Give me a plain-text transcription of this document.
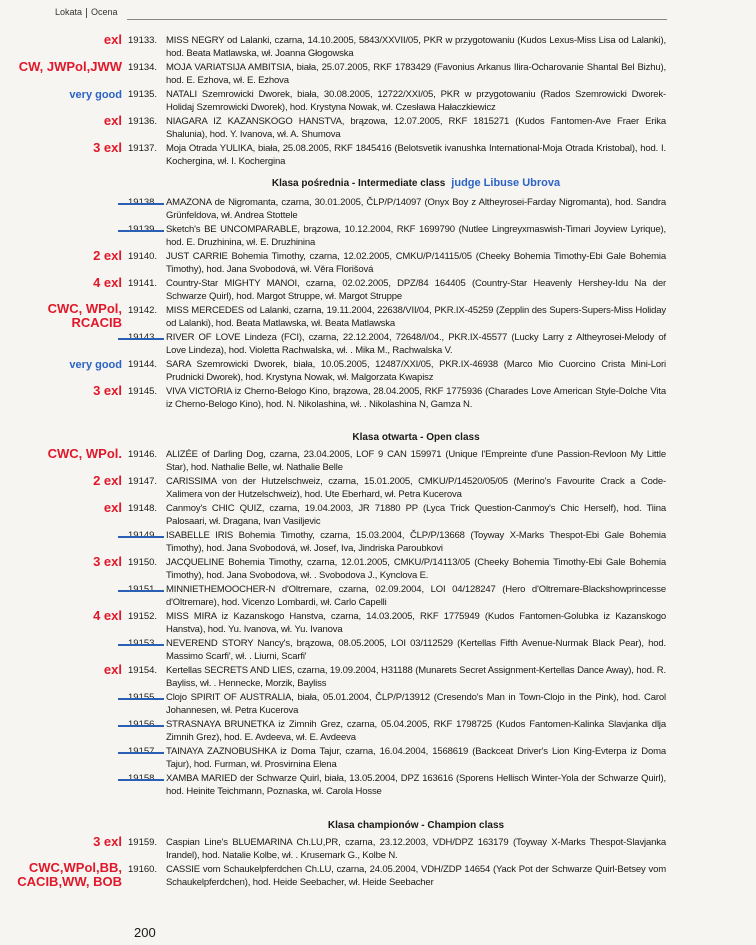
Lokata Ocena
exl 19133. MISS NEGRY od Lalanki, czarna, 14.10.2005, 5843/XXVII/05, PKR w przygotowaniu (Kudos Lexus-Miss Lisa od Lalanki), hod. Beata Matlawska, wł. Joanna Głogowska
CW, JWPol,JWW 19134. MOJA VARIATSIJA AMBITSIA, biała, 25.07.2005, RKF 1783429 (Favonius Arkanus Ilira-Ocharovanie Shantal Bel Bizhu), hod. E. Ezhova, wł. E. Ezhova
very good 19135. NATALI Szemrowicki Dworek, biała, 30.08.2005, 12722/XXI/05, PKR w przygotowaniu (Rados Szemrowicki Dworek-Holidaj Szemrowicki Dworek), hod. Krystyna Nowak, wł. Czesława Hałaczkiewicz
exl 19136. NIAGARA IZ KAZANSKOGO HANSTVA, brązowa, 12.07.2005, RKF 1815271 (Kudos Fantomen-Ave Fraer Erika Shalunia), hod. Y. Ivanova, wł. A. Shumova
3 exl 19137. Moja Otrada YULIKA, biała, 25.08.2005, RKF 1845416 (Belotsvetik ivanushka International-Moja Otrada Kristobal), hod. I. Kochergina, wł. I. Kochergina
Klasa pośrednia - Intermediate class judge Libuse Ubrova
AMAZONA de Nigromanta, czarna, 30.01.2005, ČLP/P/14097 (Onyx Boy z Altheyrosei-Farday Nigromanta), hod. Sandra Grünfeldova, wł. Andrea Stottele
Sketch's BE UNCOMPARABLE, brązowa, 10.12.2004, RKF 1699790 (Nutlee Lingreyxmaswish-Timari Joyview Lyrique), hod. E. Druzhinina, wł. E. Druzhinina
2 exl 19140. JUST CARRIE Bohemia Timothy, czarna, 12.02.2005, CMKU/P/14115/05 (Cheeky Bohemia Timothy-Ebi Gale Bohemia Timothy), hod. Jana Svobodová, wł. Věra Florišová
4 exl 19141. Country-Star MIGHTY MANOI, czarna, 02.02.2005, DPZ/84 164405 (Country-Star Heavenly Hershey-Idu Na der Schwarze Quirl), hod. Margot Struppe, wł. Margot Struppe
CWC, WPol,
RCACIB
19142. MISS MERCEDES od Lalanki, czarna, 19.11.2004, 22638/VII/04, PKR.IX-45259 (Zepplin des Supers-Supers-Miss Holiday od Lalanki), hod. Beata Matlawska, wł. Beata Matlawska
RIVER OF LOVE Lindeza (FCI), czarna, 22.12.2004, 72648/I/04., PKR.IX-45577 (Lucky Larry z Altheyrosei-Melody of Love Lindeza), hod. Violetta Rachwalska, wł. . Mika M., Rachwalska V.
very good 19144. SARA Szemrowicki Dworek, biała, 10.05.2005, 12487/XXI/05, PKR.IX-46938 (Marco Mio Cuorcino Crista Mini-Lori Prudnicki Dworek), hod. Krystyna Nowak, wł. Malgorzata Kwapisz
3 exl 19145. VIVA VICTORIA iz Cherno-Belogo Kino, brązowa, 28.04.2005, RKF 1775936 (Charades Love American Style-Dolche Vita iz Cherno-Belogo Kino), hod. N. Nikolashina, wł. . Nikolashina N, Gamza N.
Klasa otwarta - Open class
CWC, WPol. 19146. ALIZÉE of Darling Dog, czarna, 23.04.2005, LOF 9 CAN 159971 (Unique l'Empreinte d'une Passion-Revloon My Little Star), hod. Nathalie Belle, wł. Nathalie Belle
2 exl 19147. CARISSIMA von der Hutzelschweiz, czarna, 15.01.2005, CMKU/P/14520/05/05 (Merino's Favourite Crack a Code-Xalimera von der Hutzelschweiz), hod. Ute Eberhard, wł. Petra Kucerova
exl 19148. Canmoy's CHIC QUIZ, czarna, 19.04.2003, JR 71880 PP (Lyca Trick Question-Canmoy's Chic Herself), hod. Tiina Palosaari, wł. Dragana, Ivan Vasiljevic
ISABELLE IRIS Bohemia Timothy, czarna, 15.03.2004, ČLP/P/13668 (Toyway X-Marks Thespot-Ebi Gale Bohemia Timothy), hod. Jana Svobodová, wł. Josef, Iva, Jindriska Paroubkovi
3 exl 19150. JACQUELINE Bohemia Timothy, czarna, 12.01.2005, CMKU/P/14113/05 (Cheeky Bohemia Timothy-Ebi Gale Bohemia Timothy), hod. Jana Svobodova, wł. . Svobodova J., Kynclova E.
MINNIETHEMOOCHER-N d'Oltremare, czarna, 02.09.2004, LOI 04/128247 (Hero d'Oltremare-Blackshowprincesse d'Oltremare), hod. Vicenzo Lombardi, wł. Carlo Capelli
4 exl 19152. MISS MIRA iz Kazanskogo Hanstva, czarna, 14.03.2005, RKF 1775949 (Kudos Fantomen-Golubka iz Kazanskogo Hanstva), hod. Yu. Ivanova, wł. Yu. Ivanova
NEVEREND STORY Nancy's, brązowa, 08.05.2005, LOI 03/112529 (Kertellas Fifth Avenue-Nurmak Black Pear), hod. Massimo Scarfi', wł. . Liurni, Scarfi'
exl 19154. Kertellas SECRETS AND LIES, czarna, 19.09.2004, H31188 (Munarets Secret Assignment-Kertellas Dance Away), hod. R. Bayliss, wł. . Hennecke, Morzik, Bayliss
Clojo SPIRIT OF AUSTRALIA, biała, 05.01.2004, ČLP/P/13912 (Cresendo's Man in Town-Clojo in the Pink), hod. Carol Johannesen, wł. Petra Kucerova
STRASNAYA BRUNETKA iz Zimnih Grez, czarna, 05.04.2005, RKF 1798725 (Kudos Fantomen-Kalinka Slavjanka dlja Zimnih Grez), hod. E. Avdeeva, wł. E. Avdeeva
TAINAYA ZAZNOBUSHKA iz Doma Tajur, czarna, 16.04.2004, 1568619 (Backceat Driver's Lion King-Evterpa iz Doma Tajur), hod. Furman, wł. Prosvirnina Elena
XAMBA MARIED der Schwarze Quirl, biała, 13.05.2004, DPZ 163616 (Sporens Hellisch Winter-Yola der Schwarze Quirl), hod. Heinite Teichmann, Poznaska, wł. Carola Hosse
Klasa championów - Champion class
3 exl 19159. Caspian Line's BLUEMARINA Ch.LU,PR, czarna, 23.12.2003, VDH/DPZ 163179 (Toyway X-Marks Thespot-Slavjanka Irandel), hod. Natalie Kolbe, wł. . Krusemark G., Kolbe N.
CWC,WPol,BB,
CACIB,WW, BOB
19160. CASSIE vom Schaukelpferdchen Ch.LU, czarna, 24.05.2004, VDH/ZDP 14654 (Yack Pot der Schwarze Quirl-Betsey vom Schaukelpferdchen), hod. Heide Seebacher, wł. Heide Seebacher
200
